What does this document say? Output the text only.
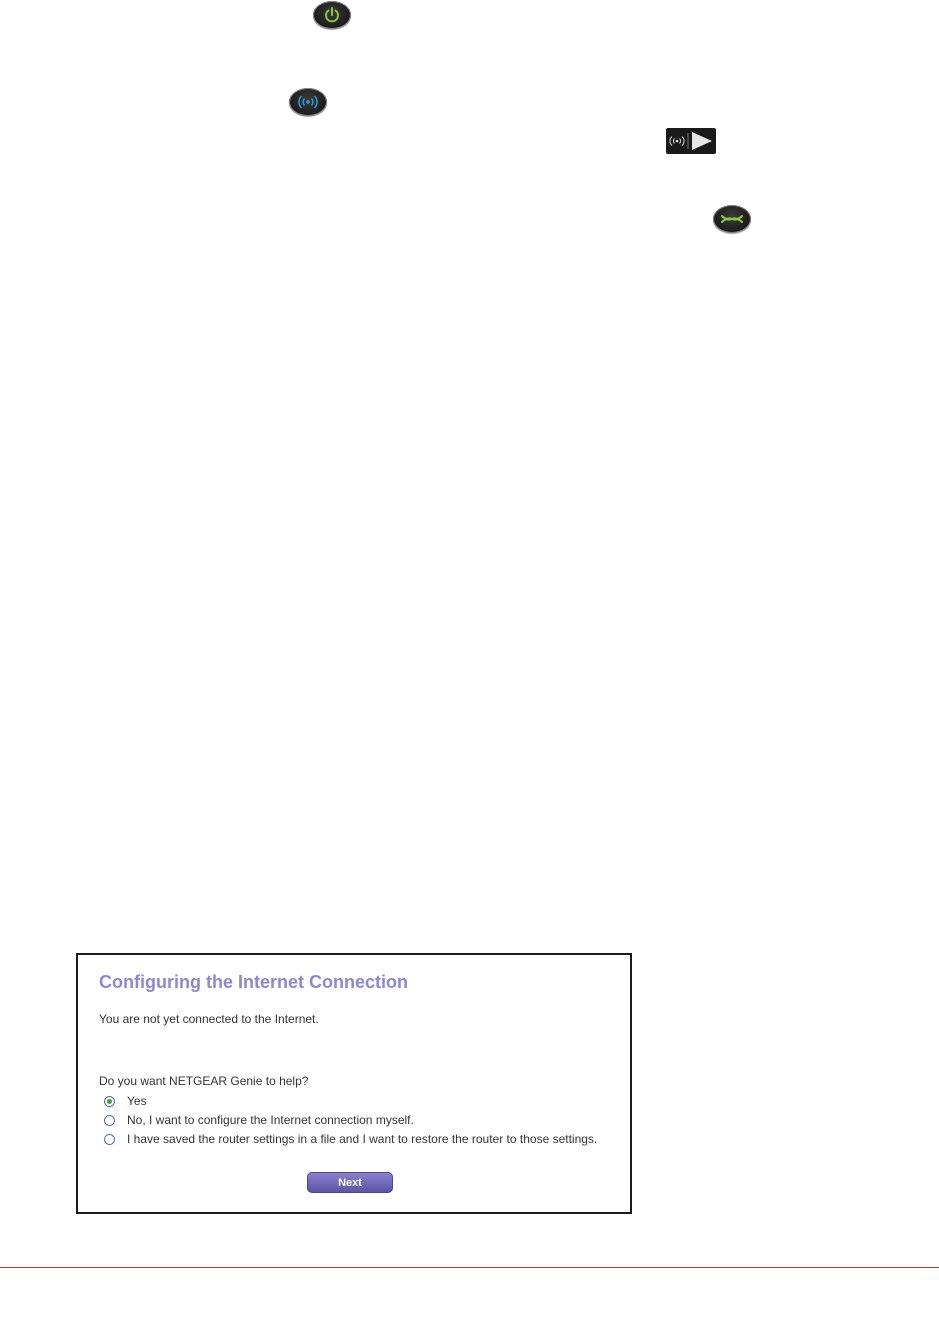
Configuring the Internet Connection
You are not yet connected to the Internet.
Do you want NETGEAR Genie to help?
Yes
No, I want to configure the Internet connection myself.
I have saved the router settings in a file and I want to restore the router to those settings.
Next
